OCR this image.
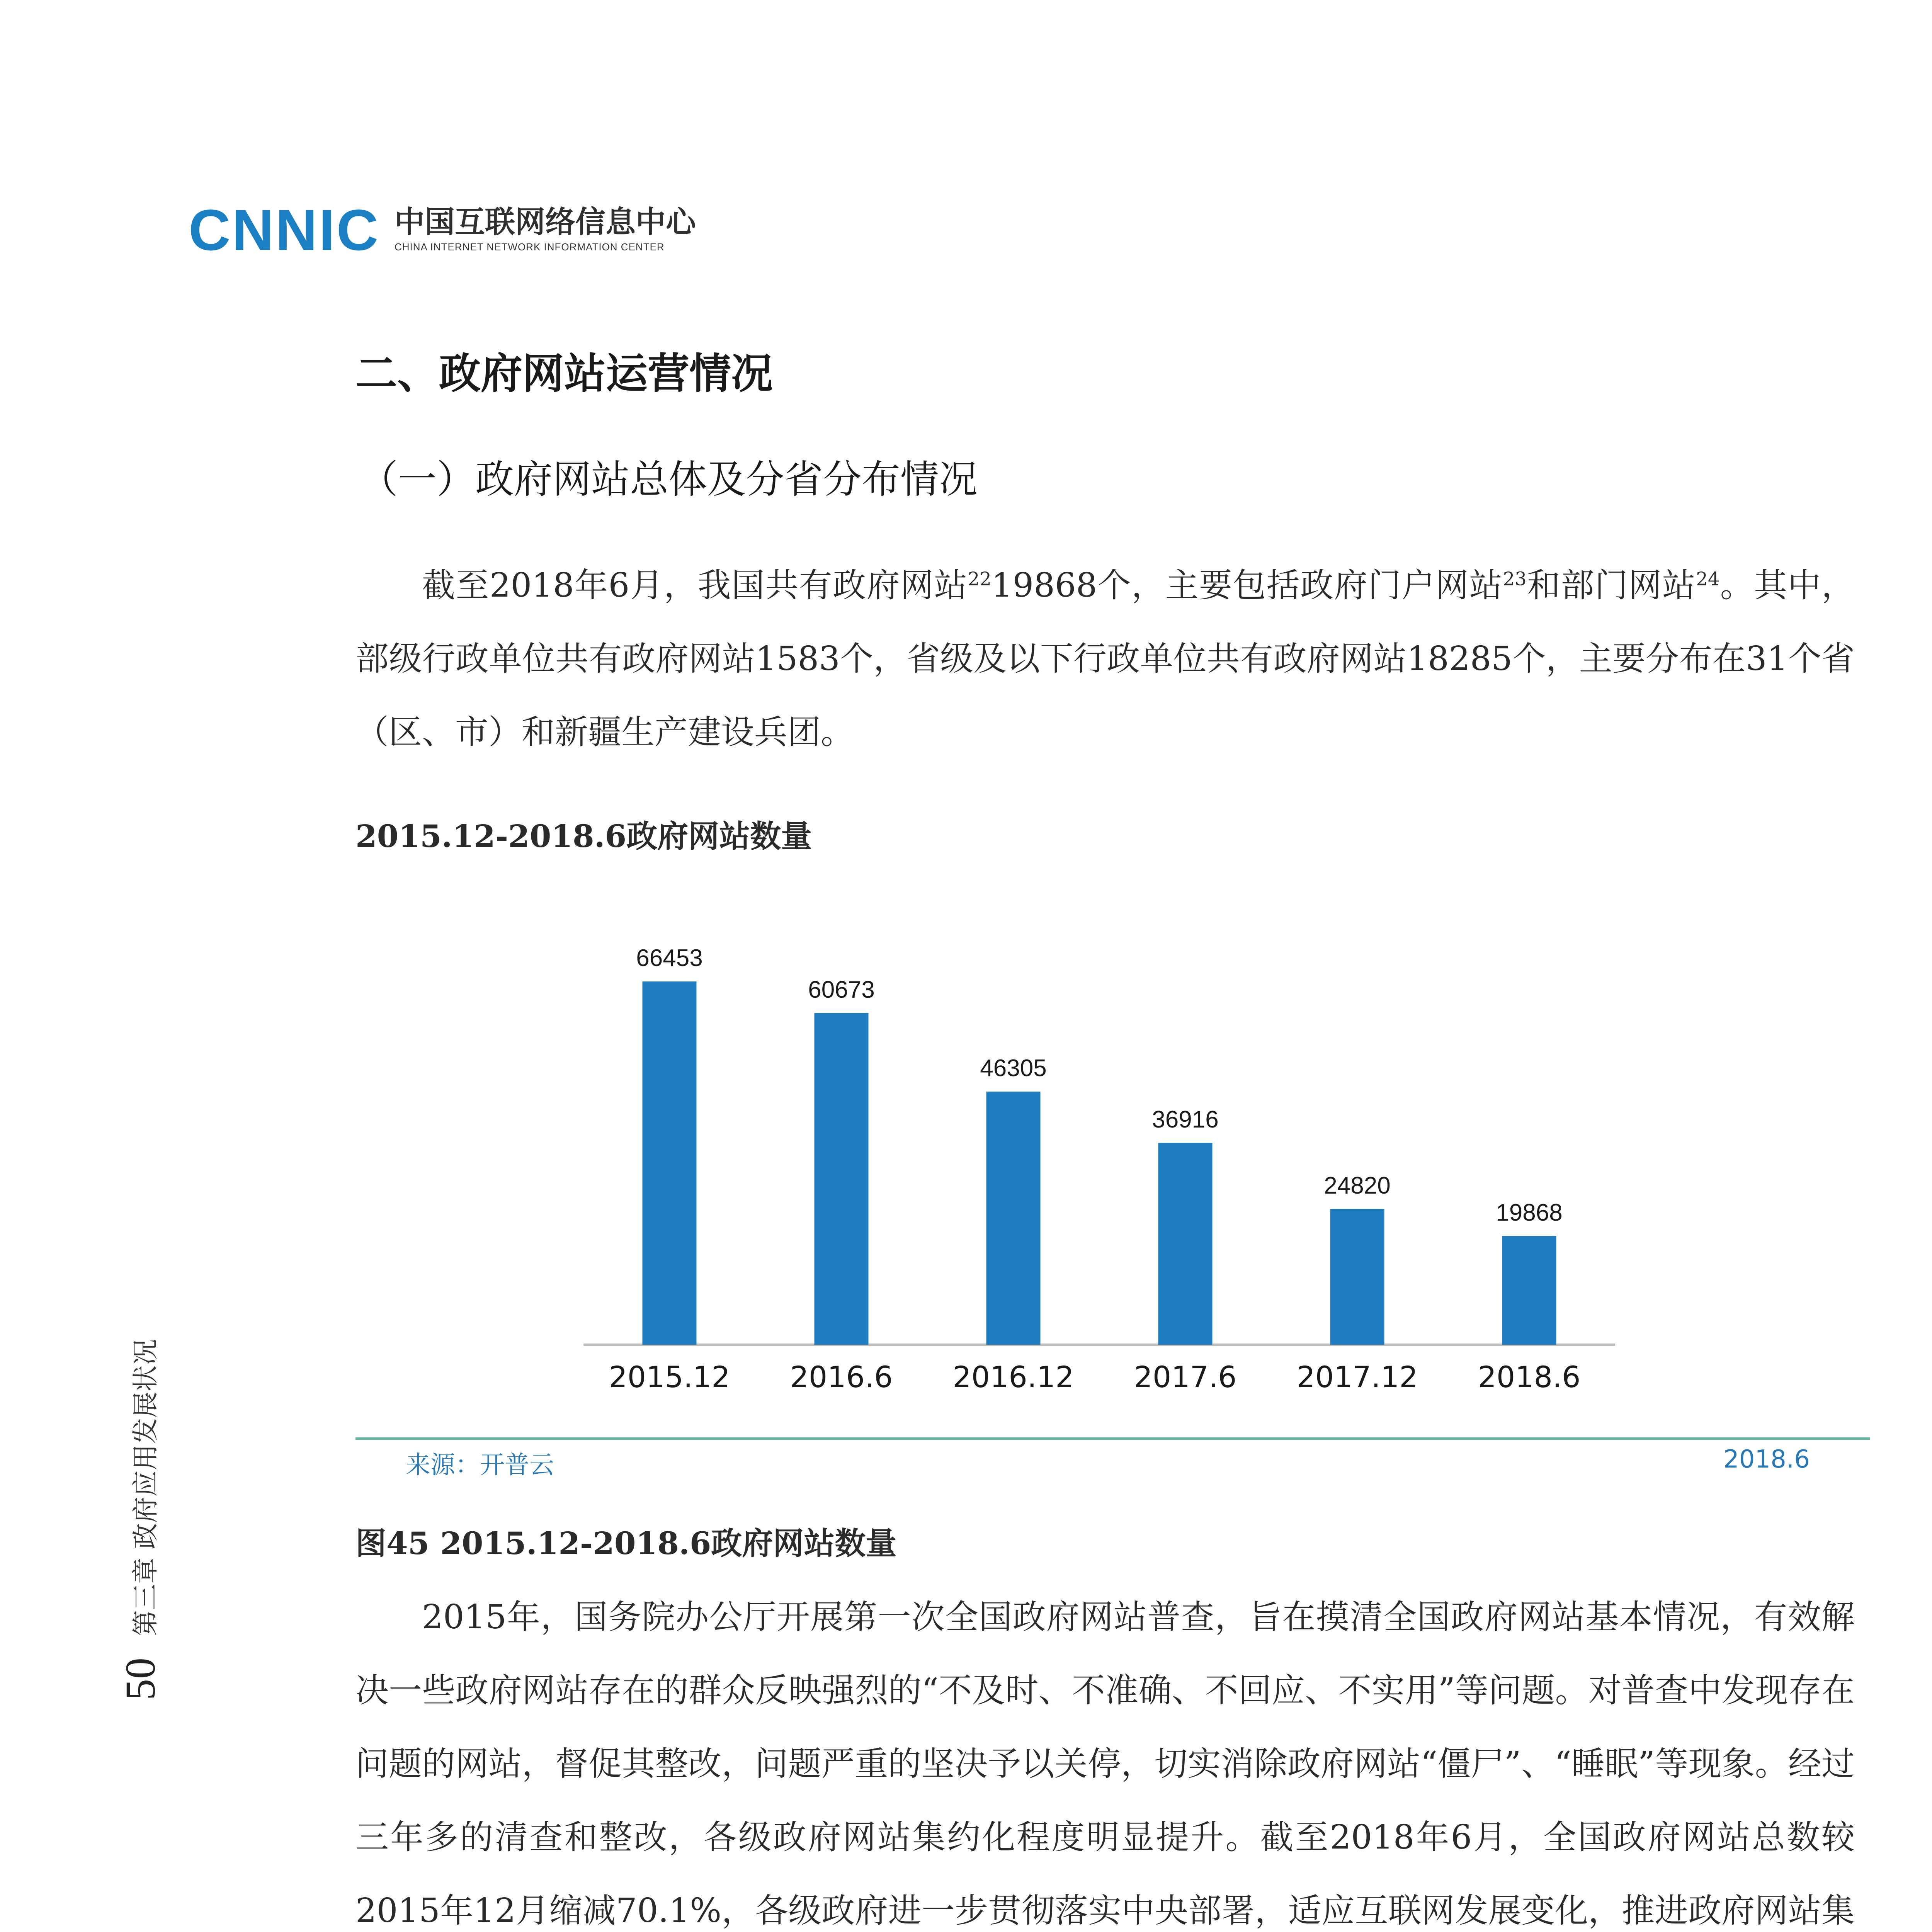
CNNIC 中国互联网络信息中心
CHINA INTERNET NETWORK INFORMATION CENTER
50 第三章 政府应用发展状况
二、政府网站运营情况
（一）政府网站总体及分省分布情况
截至2018年6月，我国共有政府网站$^{22}$19868个，主要包括政府门户网站$^{23}$和部门网站$^{24}$。其中，部级行政单位共有政府网站1583个，省级及以下行政单位共有政府网站18285个，主要分布在31个省（区、市）和新疆生产建设兵团。
2015.12-2018.6政府网站数量
66453
2015.12
60673
2016.6
46305
2016.12
36916
2017.6
24820
2017.12
19868
2018.6
来源：开普云	2018.6
图45 2015.12-2018.6政府网站数量
2015年，国务院办公厅开展第一次全国政府网站普查，旨在摸清全国政府网站基本情况，有效解决一些政府网站存在的群众反映强烈的“不及时、不准确、不回应、不实用”等问题。对普查中发现存在问题的网站，督促其整改，问题严重的坚决予以关停，切实消除政府网站“僵尸”、“睡眠”等现象。经过三年多的清查和整改，各级政府网站集约化程度明显提升。截至2018年6月，全国政府网站总数较2015年12月缩减70.1%，各级政府进一步贯彻落实中央部署，适应互联网发展变化，推进政府网站集
